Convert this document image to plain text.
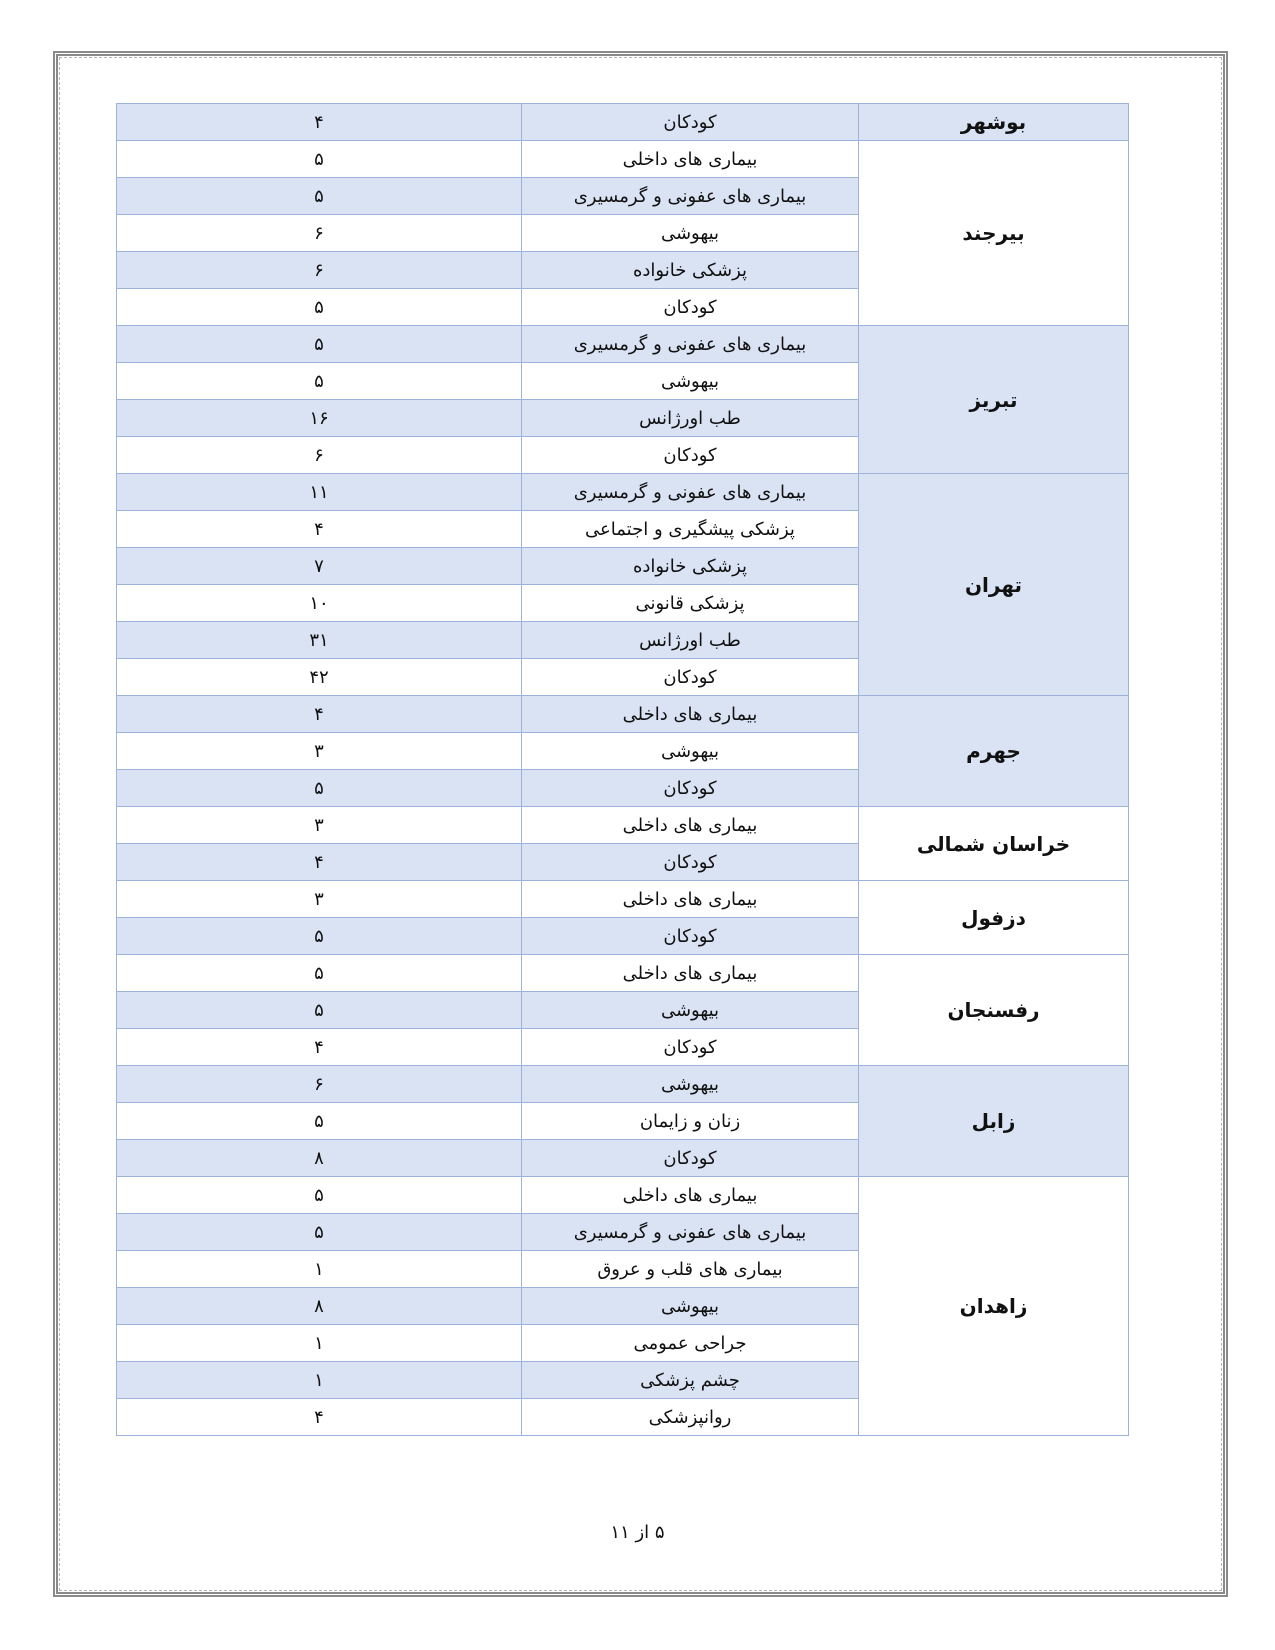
بوشهر	کودکان	۴
بیرجند	بیماری های داخلی	۵
	بیماری های عفونی و گرمسیری	۵
	بیهوشی	۶
	پزشکی خانواده	۶
	کودکان	۵
تبریز	بیماری های عفونی و گرمسیری	۵
	بیهوشی	۵
	طب اورژانس	۱۶
	کودکان	۶
تهران	بیماری های عفونی و گرمسیری	۱۱
	پزشکی پیشگیری و اجتماعی	۴
	پزشکی خانواده	۷
	پزشکی قانونی	۱۰
	طب اورژانس	۳۱
	کودکان	۴۲
جهرم	بیماری های داخلی	۴
	بیهوشی	۳
	کودکان	۵
خراسان شمالی	بیماری های داخلی	۳
	کودکان	۴
دزفول	بیماری های داخلی	۳
	کودکان	۵
رفسنجان	بیماری های داخلی	۵
	بیهوشی	۵
	کودکان	۴
زابل	بیهوشی	۶
	زنان و زایمان	۵
	کودکان	۸
زاهدان	بیماری های داخلی	۵
	بیماری های عفونی و گرمسیری	۵
	بیماری های قلب و عروق	۱
	بیهوشی	۸
	جراحی عمومی	۱
	چشم پزشکی	۱
	روانپزشکی	۴
۵ از ۱۱
